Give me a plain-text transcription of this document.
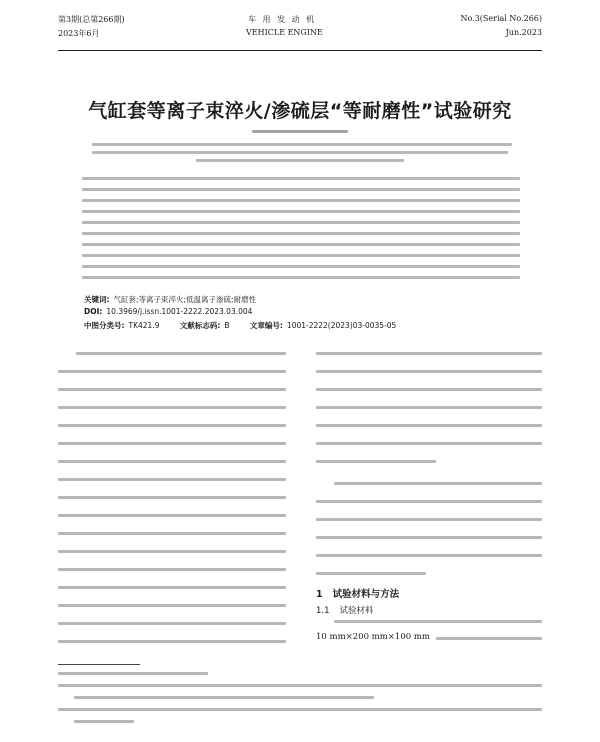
第3期(总第266期)
2023年6月
车 用 发 动 机
VEHICLE ENGINE
No.3(Serial No.266)
Jun.2023
气缸套等离子束淬火/渗硫层“等耐磨性”试验研究
关键词: 气缸套;等离子束淬火;低温离子渗硫;耐磨性
DOI: 10.3969/j.issn.1001-2222.2023.03.004
中图分类号: TK421.9	文献标志码: B	文章编号: 1001-2222(2023)03-0035-05
1 试验材料与方法
1.1 试验材料
10 mm×200 mm×100 mm
